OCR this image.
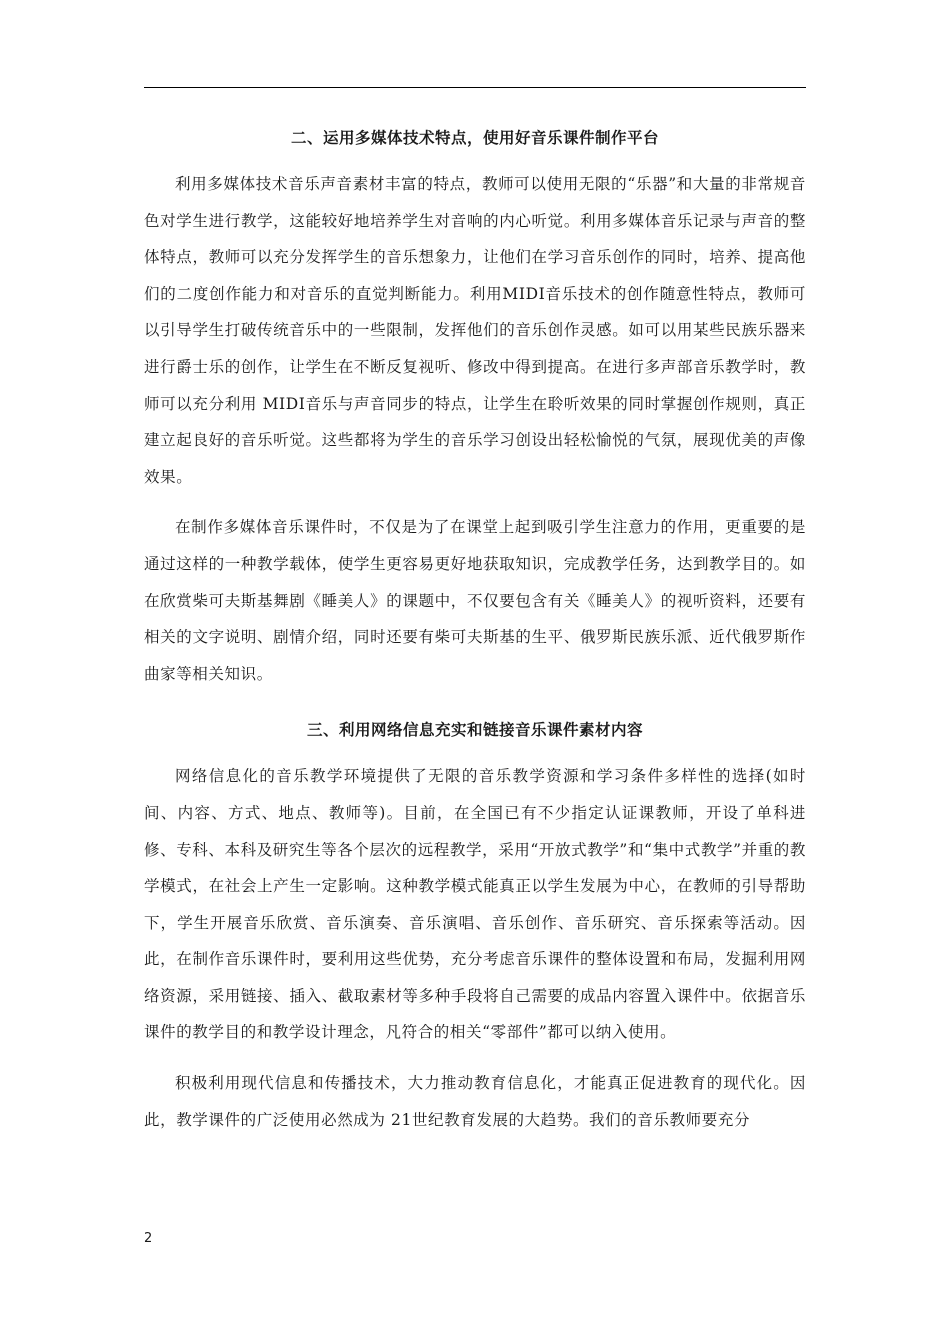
二、运用多媒体技术特点，使用好音乐课件制作平台

利用多媒体技术音乐声音素材丰富的特点，教师可以使用无限的“乐器”和大量的非常规音色对学生进行教学，这能较好地培养学生对音响的内心听觉。利用多媒体音乐记录与声音的整体特点，教师可以充分发挥学生的音乐想象力，让他们在学习音乐创作的同时，培养、提高他们的二度创作能力和对音乐的直觉判断能力。利用MIDI音乐技术的创作随意性特点，教师可以引导学生打破传统音乐中的一些限制，发挥他们的音乐创作灵感。如可以用某些民族乐器来进行爵士乐的创作，让学生在不断反复视听、修改中得到提高。在进行多声部音乐教学时，教师可以充分利用 MIDI音乐与声音同步的特点，让学生在聆听效果的同时掌握创作规则，真正建立起良好的音乐听觉。这些都将为学生的音乐学习创设出轻松愉悦的气氛，展现优美的声像效果。

在制作多媒体音乐课件时，不仅是为了在课堂上起到吸引学生注意力的作用，更重要的是通过这样的一种教学载体，使学生更容易更好地获取知识，完成教学任务，达到教学目的。如在欣赏柴可夫斯基舞剧《睡美人》的课题中，不仅要包含有关《睡美人》的视听资料，还要有相关的文字说明、剧情介绍，同时还要有柴可夫斯基的生平、俄罗斯民族乐派、近代俄罗斯作曲家等相关知识。

三、利用网络信息充实和链接音乐课件素材内容

网络信息化的音乐教学环境提供了无限的音乐教学资源和学习条件多样性的选择(如时间、内容、方式、地点、教师等)。目前，在全国已有不少指定认证课教师，开设了单科进修、专科、本科及研究生等各个层次的远程教学，采用“开放式教学”和“集中式教学”并重的教学模式，在社会上产生一定影响。这种教学模式能真正以学生发展为中心，在教师的引导帮助下，学生开展音乐欣赏、音乐演奏、音乐演唱、音乐创作、音乐研究、音乐探索等活动。因此，在制作音乐课件时，要利用这些优势，充分考虑音乐课件的整体设置和布局，发掘利用网络资源，采用链接、插入、截取素材等多种手段将自己需要的成品内容置入课件中。依据音乐课件的教学目的和教学设计理念，凡符合的相关“零部件”都可以纳入使用。

积极利用现代信息和传播技术，大力推动教育信息化，才能真正促进教育的现代化。因此，教学课件的广泛使用必然成为 21世纪教育发展的大趋势。我们的音乐教师要充分

2
